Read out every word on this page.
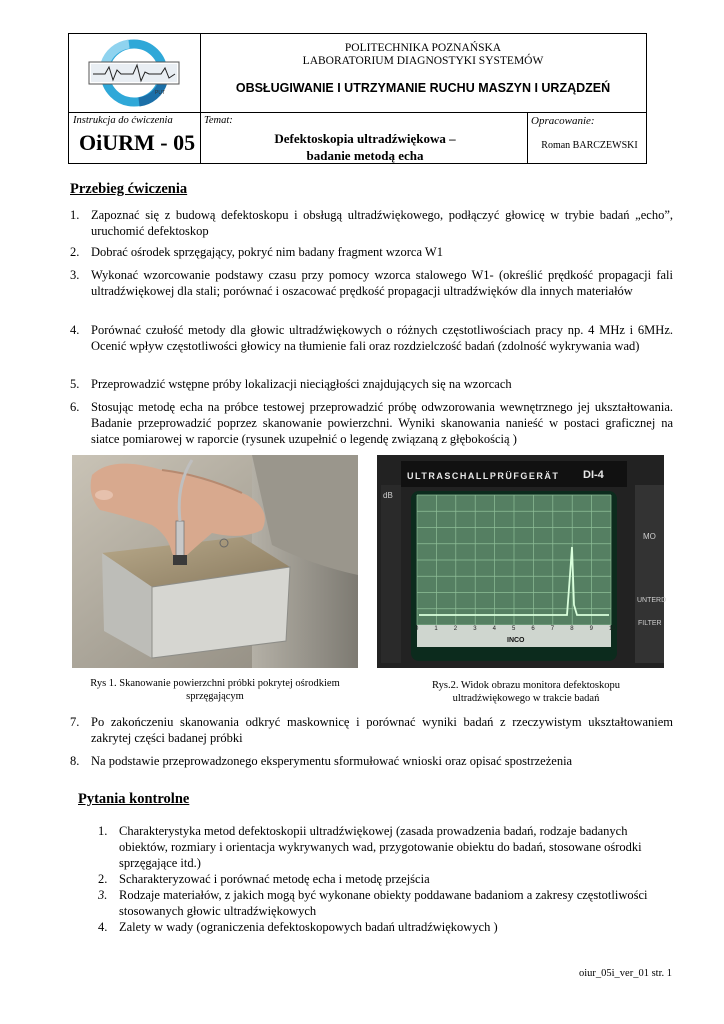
PUT
POLITECHNIKA POZNAŃSKA
LABORATORIUM DIAGNOSTYKI SYSTEMÓW
OBSŁUGIWANIE I UTRZYMANIE RUCHU MASZYN I URZĄDZEŃ
Instrukcja do ćwiczenia
OiURM - 05
Temat:
Defektoskopia ultradźwiękowa –
badanie metodą echa
Opracowanie:
Roman BARCZEWSKI
Przebieg ćwiczenia
1. Zapoznać się z budową defektoskopu i obsługą ultradźwiękowego, podłączyć głowicę w trybie badań „echo”, uruchomić defektoskop
2. Dobrać ośrodek sprzęgający, pokryć nim badany fragment wzorca W1
3. Wykonać wzorcowanie podstawy czasu przy pomocy wzorca stalowego W1- (określić prędkość propagacji fali ultradźwiękowej dla stali; porównać i oszacować prędkość propagacji ultradźwięków dla innych materiałów
4. Porównać czułość metody dla głowic ultradźwiękowych o różnych częstotliwościach pracy np. 4 MHz i 6MHz. Ocenić wpływ częstotliwości głowicy na tłumienie fali oraz rozdzielczość badań (zdolność wykrywania wad)
5. Przeprowadzić wstępne próby lokalizacji nieciągłości znajdujących się na wzorcach
6. Stosując metodę echa na próbce testowej przeprowadzić próbę odwzorowania wewnętrznego jej ukształtowania. Badanie przeprowadzić poprzez skanowanie powierzchni. Wyniki skanowania nanieść w postaci graficznej na siatce pomiarowej w raporcie (rysunek uzupełnić o legendę związaną z głębokością )
7. Po zakończeniu skanowania odkryć maskownicę i porównać wyniki badań z rzeczywistym ukształtowaniem zakrytej części badanej próbki
8. Na podstawie przeprowadzonego eksperymentu sformułować wnioski oraz opisać spostrzeżenia
Rys 1. Skanowanie powierzchni próbki pokrytej ośrodkiem sprzęgającym
ULTRASCHALLPRÜFGERÄT DI-4
dB
MO
UNTERD
FILTER
INCO
0	1	2	3	4	5	6	7	8	9	10
Rys.2. Widok obrazu monitora defektoskopu ultradźwiękowego w trakcie badań
Pytania kontrolne
1. Charakterystyka metod defektoskopii ultradźwiękowej (zasada prowadzenia badań, rodzaje badanych obiektów, rozmiary i orientacja wykrywanych wad, przygotowanie obiektu do badań, stosowane ośrodki sprzęgające itd.)
2. Scharakteryzować i porównać metodę echa i metodę przejścia
3. Rodzaje materiałów, z jakich mogą być wykonane obiekty poddawane badaniom a zakresy częstotliwości stosowanych głowic ultradźwiękowych
4. Zalety w wady (ograniczenia defektoskopowych badań ultradźwiękowych )
oiur_05i_ver_01 str. 1
